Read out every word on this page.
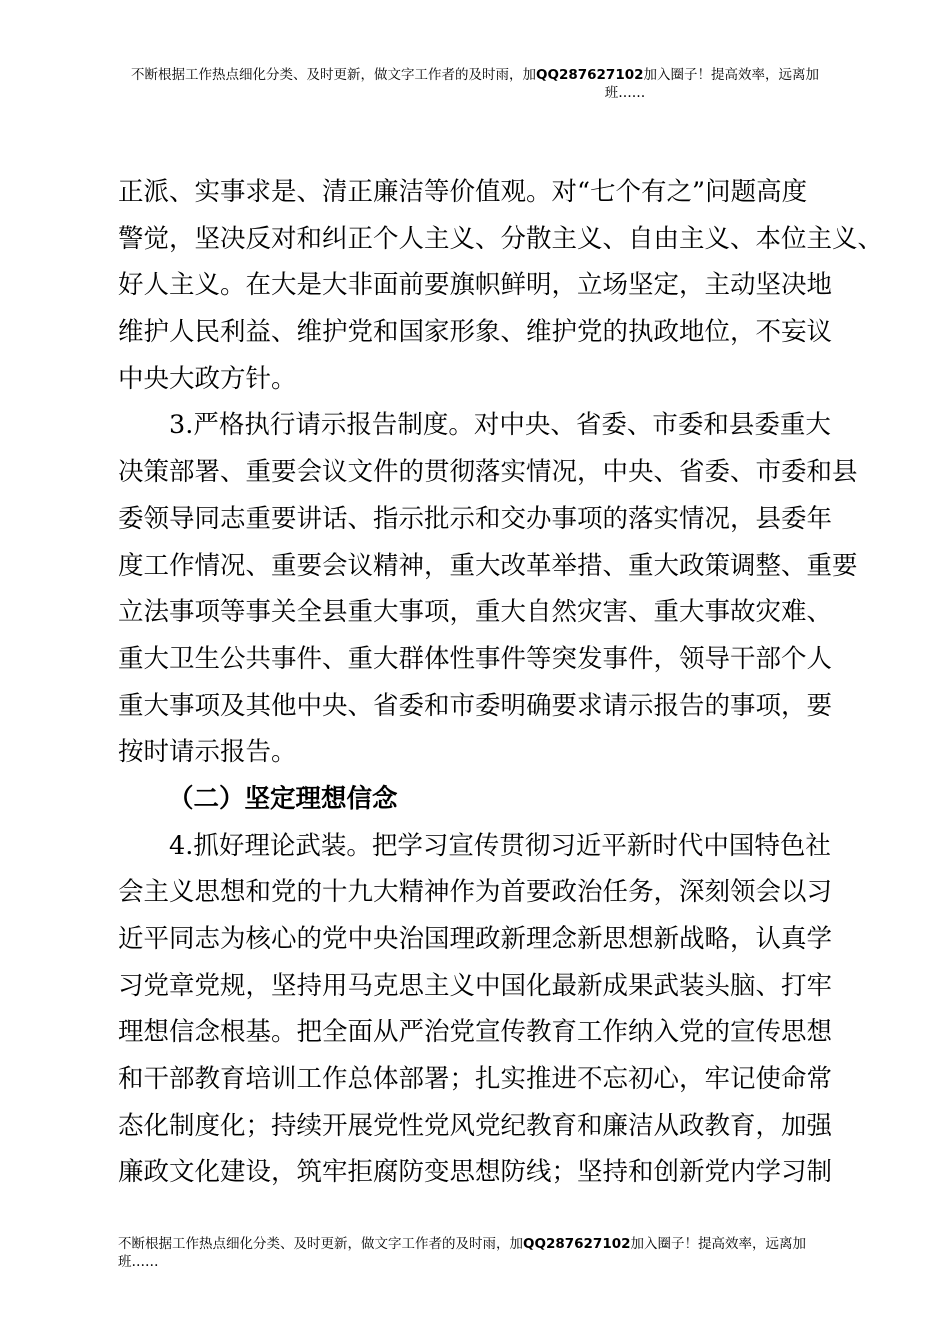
不断根据工作热点细化分类、及时更新，做文字工作者的及时雨，加QQ287627102加入圈子！提高效率，远离加
班……
正派、实事求是、清正廉洁等价值观。对“七个有之”问题高度
警觉，坚决反对和纠正个人主义、分散主义、自由主义、本位主义、
好人主义。在大是大非面前要旗帜鲜明，立场坚定，主动坚决地
维护人民利益、维护党和国家形象、维护党的执政地位，不妄议
中央大政方针。
3.严格执行请示报告制度。对中央、省委、市委和县委重大
决策部署、重要会议文件的贯彻落实情况，中央、省委、市委和县
委领导同志重要讲话、指示批示和交办事项的落实情况，县委年
度工作情况、重要会议精神，重大改革举措、重大政策调整、重要
立法事项等事关全县重大事项，重大自然灾害、重大事故灾难、
重大卫生公共事件、重大群体性事件等突发事件，领导干部个人
重大事项及其他中央、省委和市委明确要求请示报告的事项，要
按时请示报告。
（二）坚定理想信念
4.抓好理论武装。把学习宣传贯彻习近平新时代中国特色社
会主义思想和党的十九大精神作为首要政治任务，深刻领会以习
近平同志为核心的党中央治国理政新理念新思想新战略，认真学
习党章党规，坚持用马克思主义中国化最新成果武装头脑、打牢
理想信念根基。把全面从严治党宣传教育工作纳入党的宣传思想
和干部教育培训工作总体部署；扎实推进不忘初心，牢记使命常
态化制度化；持续开展党性党风党纪教育和廉洁从政教育，加强
廉政文化建设，筑牢拒腐防变思想防线；坚持和创新党内学习制
不断根据工作热点细化分类、及时更新，做文字工作者的及时雨，加QQ287627102加入圈子！提高效率，远离加
班……
